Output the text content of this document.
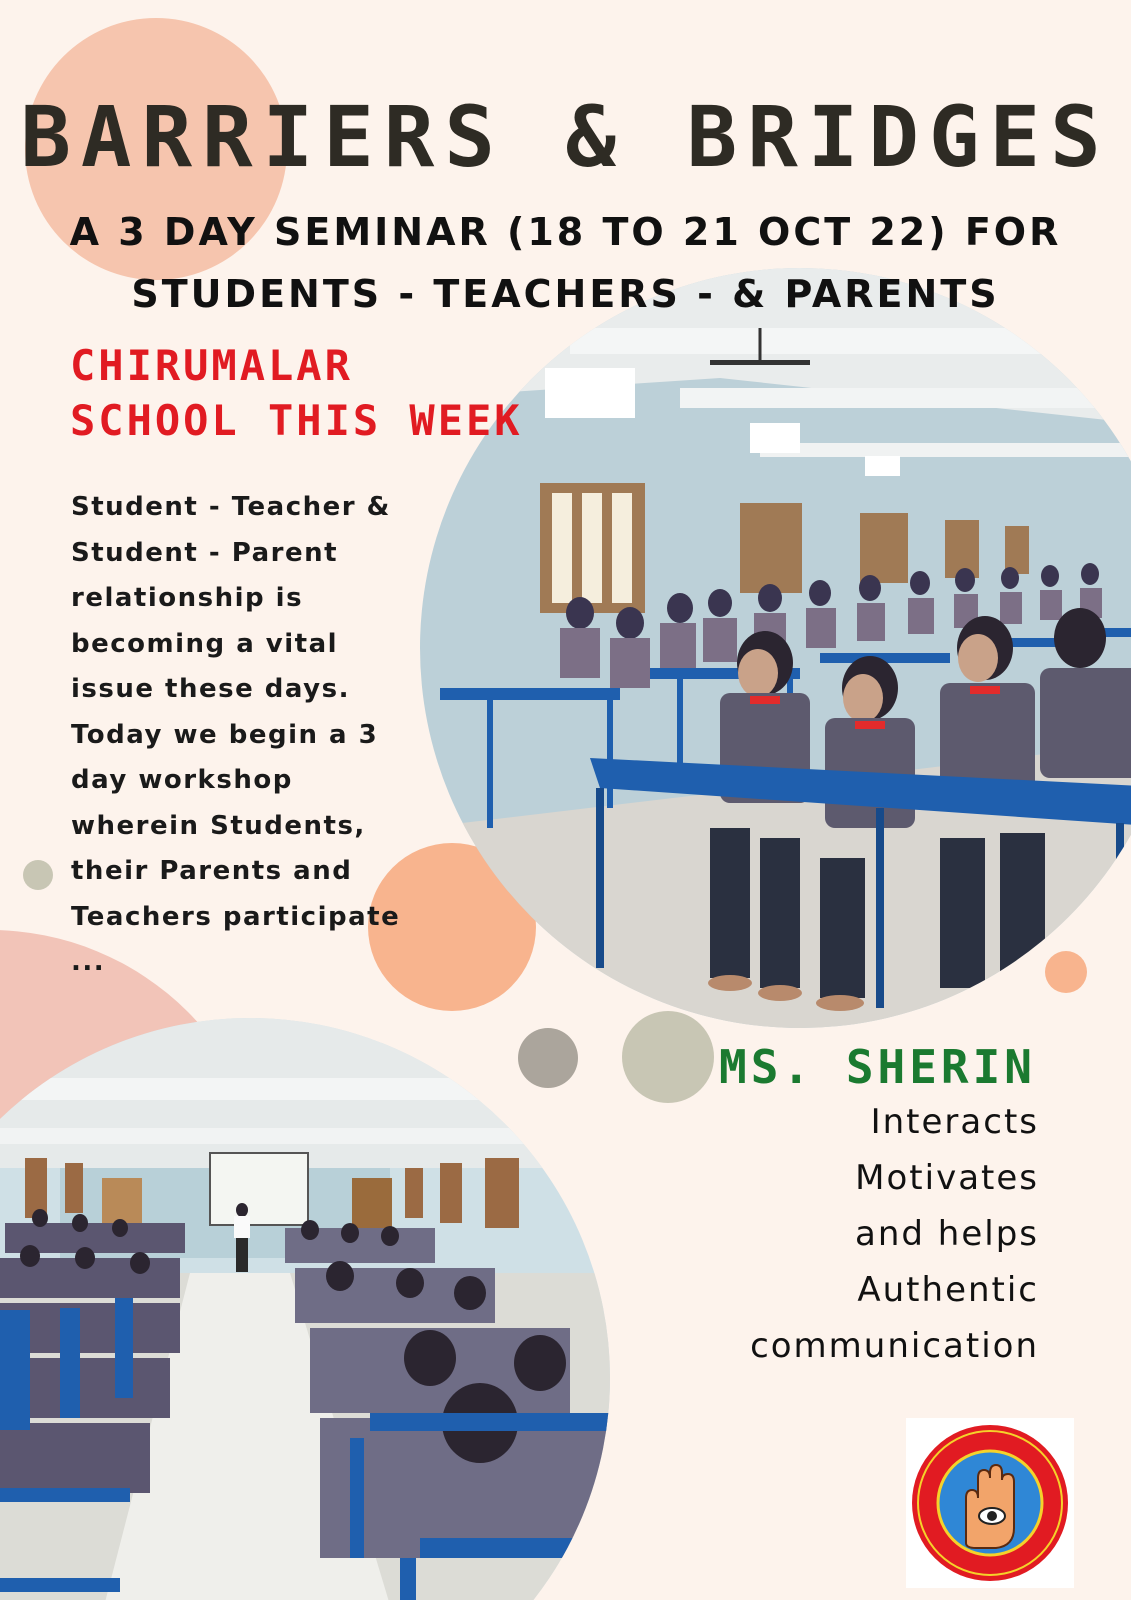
BARRIERS & BRIDGES
A 3 DAY SEMINAR (18 TO 21 OCT 22) FOR
STUDENTS - TEACHERS - & PARENTS
CHIRUMALAR
SCHOOL THIS WEEK
Student - Teacher &
Student - Parent
relationship is
becoming a vital
issue these days.
Today we begin a 3
day workshop
wherein Students,
their Parents and
Teachers participate
...
MS. SHERIN
Interacts
Motivates
and helps
Authentic
communication
